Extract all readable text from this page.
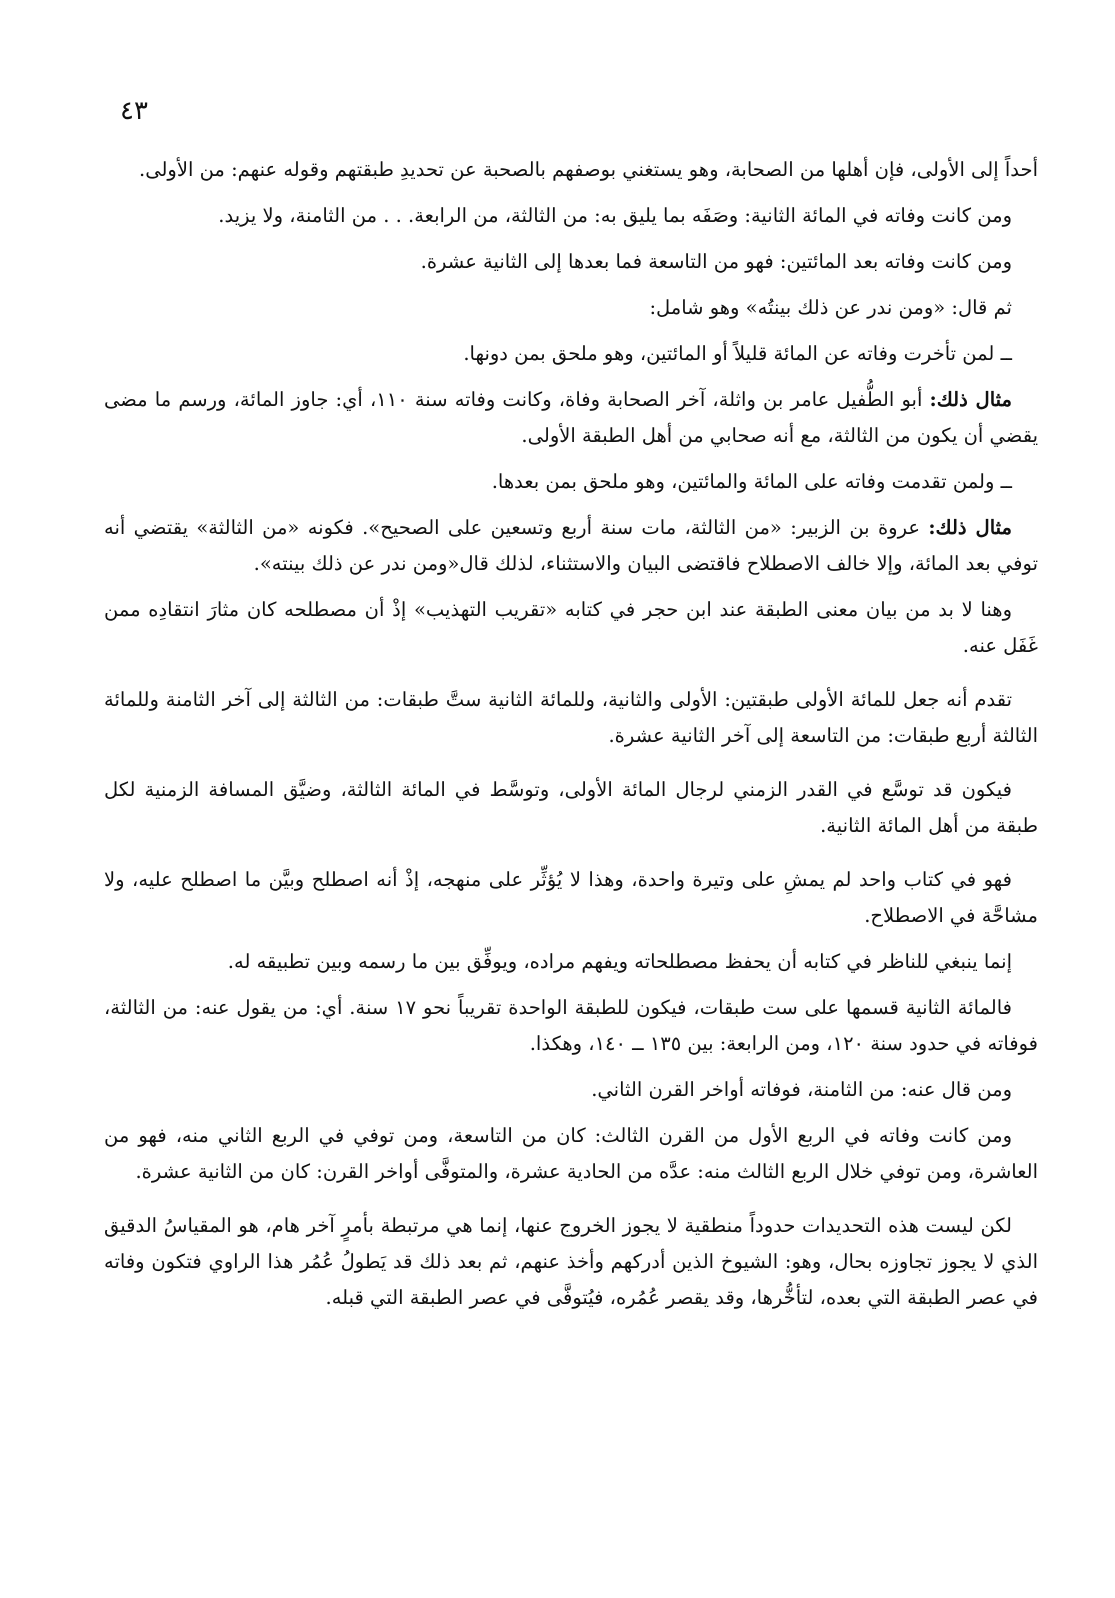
٤٣
أحداً إلى الأولى، فإن أهلها من الصحابة، وهو يستغني بوصفهم بالصحبة عن تحديدِ طبقتهم وقوله عنهم: من الأولى.
ومن كانت وفاته في المائة الثانية: وصَفَه بما يليق به: من الثالثة، من الرابعة. . . من الثامنة، ولا يزيد.
ومن كانت وفاته بعد المائتين: فهو من التاسعة فما بعدها إلى الثانية عشرة.
ثم قال: «ومن ندر عن ذلك بينتُه» وهو شامل:
ــ لمن تأخرت وفاته عن المائة قليلاً أو المائتين، وهو ملحق بمن دونها.
مثال ذلك: أبو الطُّفيل عامر بن واثلة، آخر الصحابة وفاة، وكانت وفاته سنة ١١٠، أي: جاوز المائة، ورسم ما مضى يقضي أن يكون من الثالثة، مع أنه صحابي من أهل الطبقة الأولى.
ــ ولمن تقدمت وفاته على المائة والمائتين، وهو ملحق بمن بعدها.
مثال ذلك: عروة بن الزبير: «من الثالثة، مات سنة أربع وتسعين على الصحيح». فكونه «من الثالثة» يقتضي أنه توفي بعد المائة، وإلا خالف الاصطلاح فاقتضى البيان والاستثناء، لذلك قال«ومن ندر عن ذلك بينته».
وهنا لا بد من بيان معنى الطبقة عند ابن حجر في كتابه «تقريب التهذيب» إذْ أن مصطلحه كان مثارَ انتقادِه ممن غَفَل عنه.
تقدم أنه جعل للمائة الأولى طبقتين: الأولى والثانية، وللمائة الثانية ستَّ طبقات: من الثالثة إلى آخر الثامنة وللمائة الثالثة أربع طبقات: من التاسعة إلى آخر الثانية عشرة.
فيكون قد توسَّع في القدر الزمني لرجال المائة الأولى، وتوسَّط في المائة الثالثة، وضيَّق المسافة الزمنية لكل طبقة من أهل المائة الثانية.
فهو في كتاب واحد لم يمشِ على وتيرة واحدة، وهذا لا يُؤثِّر على منهجه، إذْ أنه اصطلح وبيَّن ما اصطلح عليه، ولا مشاحَّة في الاصطلاح.
إنما ينبغي للناظر في كتابه أن يحفظ مصطلحاته ويفهم مراده، ويوفِّق بين ما رسمه وبين تطبيقه له.
فالمائة الثانية قسمها على ست طبقات، فيكون للطبقة الواحدة تقريباً نحو ١٧ سنة. أي: من يقول عنه: من الثالثة، فوفاته في حدود سنة ١٢٠، ومن الرابعة: بين ١٣٥ ــ ١٤٠، وهكذا.
ومن قال عنه: من الثامنة، فوفاته أواخر القرن الثاني.
ومن كانت وفاته في الربع الأول من القرن الثالث: كان من التاسعة، ومن توفي في الربع الثاني منه، فهو من العاشرة، ومن توفي خلال الربع الثالث منه: عدَّه من الحادية عشرة، والمتوفَّى أواخر القرن: كان من الثانية عشرة.
لكن ليست هذه التحديدات حدوداً منطقية لا يجوز الخروج عنها، إنما هي مرتبطة بأمرٍ آخر هام، هو المقياسُ الدقيق الذي لا يجوز تجاوزه بحال، وهو: الشيوخ الذين أدركهم وأخذ عنهم، ثم بعد ذلك قد يَطولُ عُمُر هذا الراوي فتكون وفاته في عصر الطبقة التي بعده، لتأخُّرها، وقد يقصر عُمُره، فيُتوفَّى في عصر الطبقة التي قبله.
